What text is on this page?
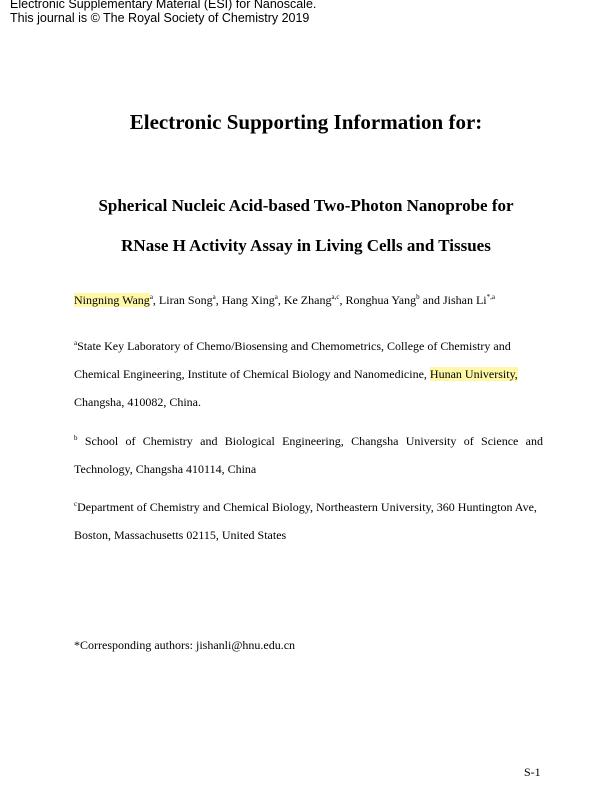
Electronic Supplementary Material (ESI) for Nanoscale.
This journal is © The Royal Society of Chemistry 2019
Electronic Supporting Information for:
Spherical Nucleic Acid-based Two-Photon Nanoprobe for
RNase H Activity Assay in Living Cells and Tissues
Ningning Wang$^a$, Liran Song$^a$, Hang Xing$^a$, Ke Zhang$^{a,c}$, Ronghua Yang$^b$ and Jishan $Li^{*,a}$
$^a$State Key Laboratory of Chemo/Biosensing and Chemometrics, College of Chemistry and Chemical Engineering, Institute of Chemical Biology and Nanomedicine, Hunan University, Changsha, 410082, China.
$^b$ School of Chemistry and Biological Engineering, Changsha University of Science and Technology, Changsha 410114, China
$^c$Department of Chemistry and Chemical Biology, Northeastern University, 360 Huntington Ave, Boston, Massachusetts 02115, United States
*Corresponding authors: jishanli@hnu.edu.cn
S-1
